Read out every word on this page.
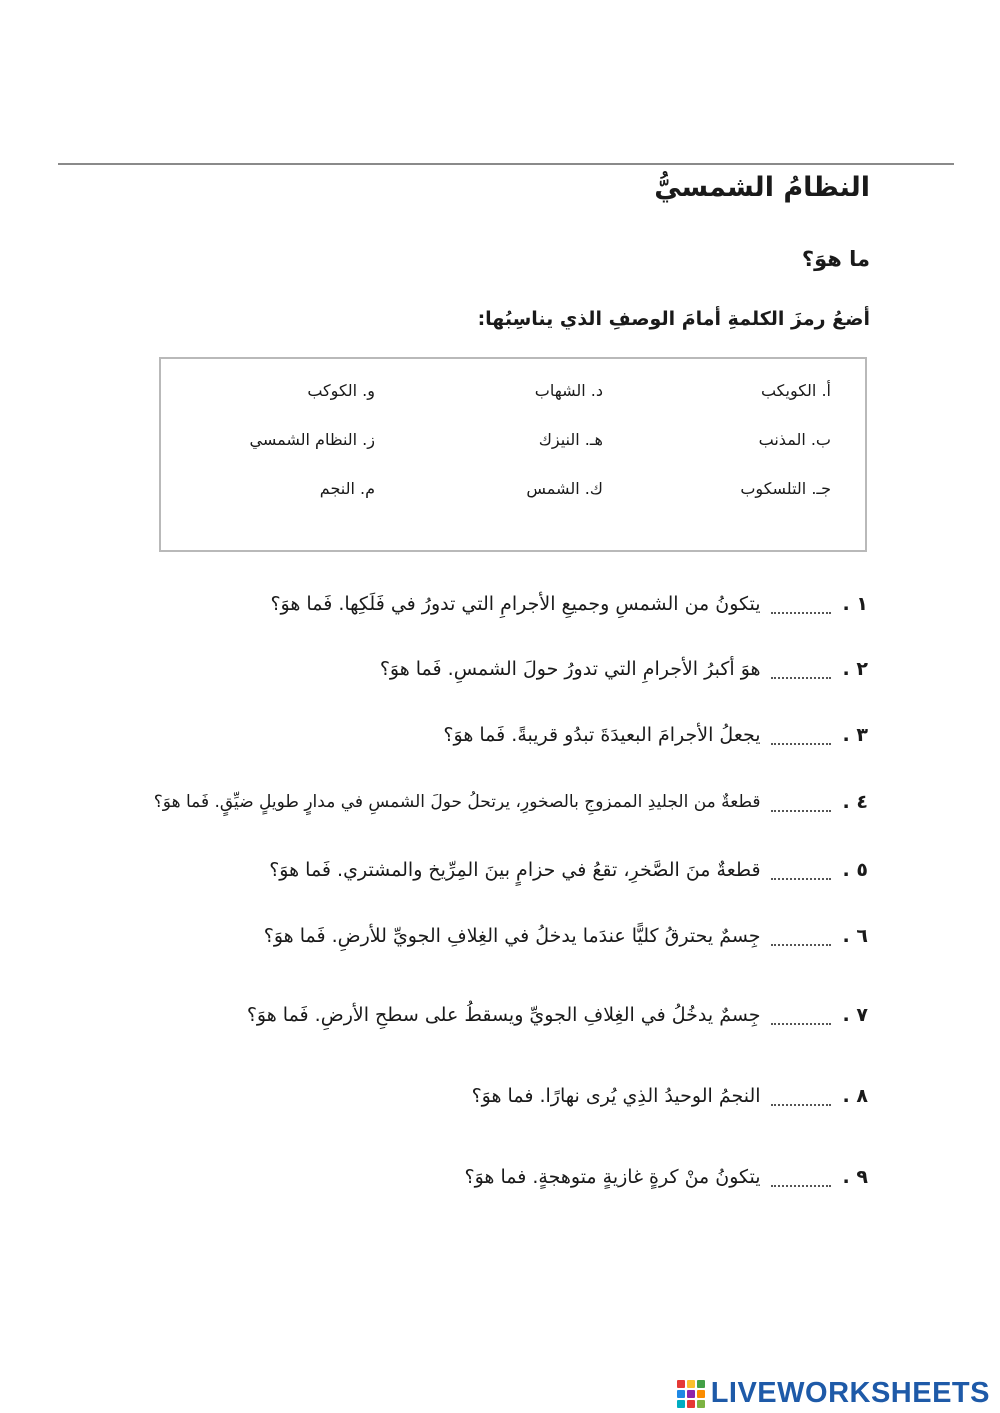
النظامُ الشمسيُّ
ما هوَ؟
أضعُ رمزَ الكلمةِ أمامَ الوصفِ الذي يناسِبُها:
أ. الكويكب
د. الشهاب
و. الكوكب
ب. المذنب
هـ. النيزك
ز. النظام الشمسي
جـ. التلسكوب
ك. الشمس
م. النجم
١ .
يتكونُ من الشمسِ وجميعِ الأجرامِ التي تدورُ في فَلَكِها. فَما هوَ؟
٢ .
هوَ أكبرُ الأجرامِ التي تدورُ حولَ الشمسِ. فَما هوَ؟
٣ .
يجعلُ الأجرامَ البعيدَةَ تبدُو قريبةً. فَما هوَ؟
٤ .
قطعةٌ من الجليدِ الممزوجِ بالصخورِ، يرتحلُ حولَ الشمسِ في مدارٍ طويلٍ ضيِّقٍ. فَما هوَ؟
٥ .
قطعةٌ منَ الصَّخرِ، تقعُ في حزامٍ بينَ المِرِّيخ والمشتري. فَما هوَ؟
٦ .
جِسمٌ يحترقُ كليًّا عندَما يدخلُ في الغِلافِ الجويِّ للأرضِ. فَما هوَ؟
٧ .
جِسمٌ يدخُلُ في الغِلافِ الجويِّ ويسقطُ على سطحِ الأرضِ. فَما هوَ؟
٨ .
النجمُ الوحيدُ الذِي يُرى نهارًا. فما هوَ؟
٩ .
يتكونُ منْ كرةٍ غازيةٍ متوهجةٍ. فما هوَ؟
LIVEWORKSHEETS
